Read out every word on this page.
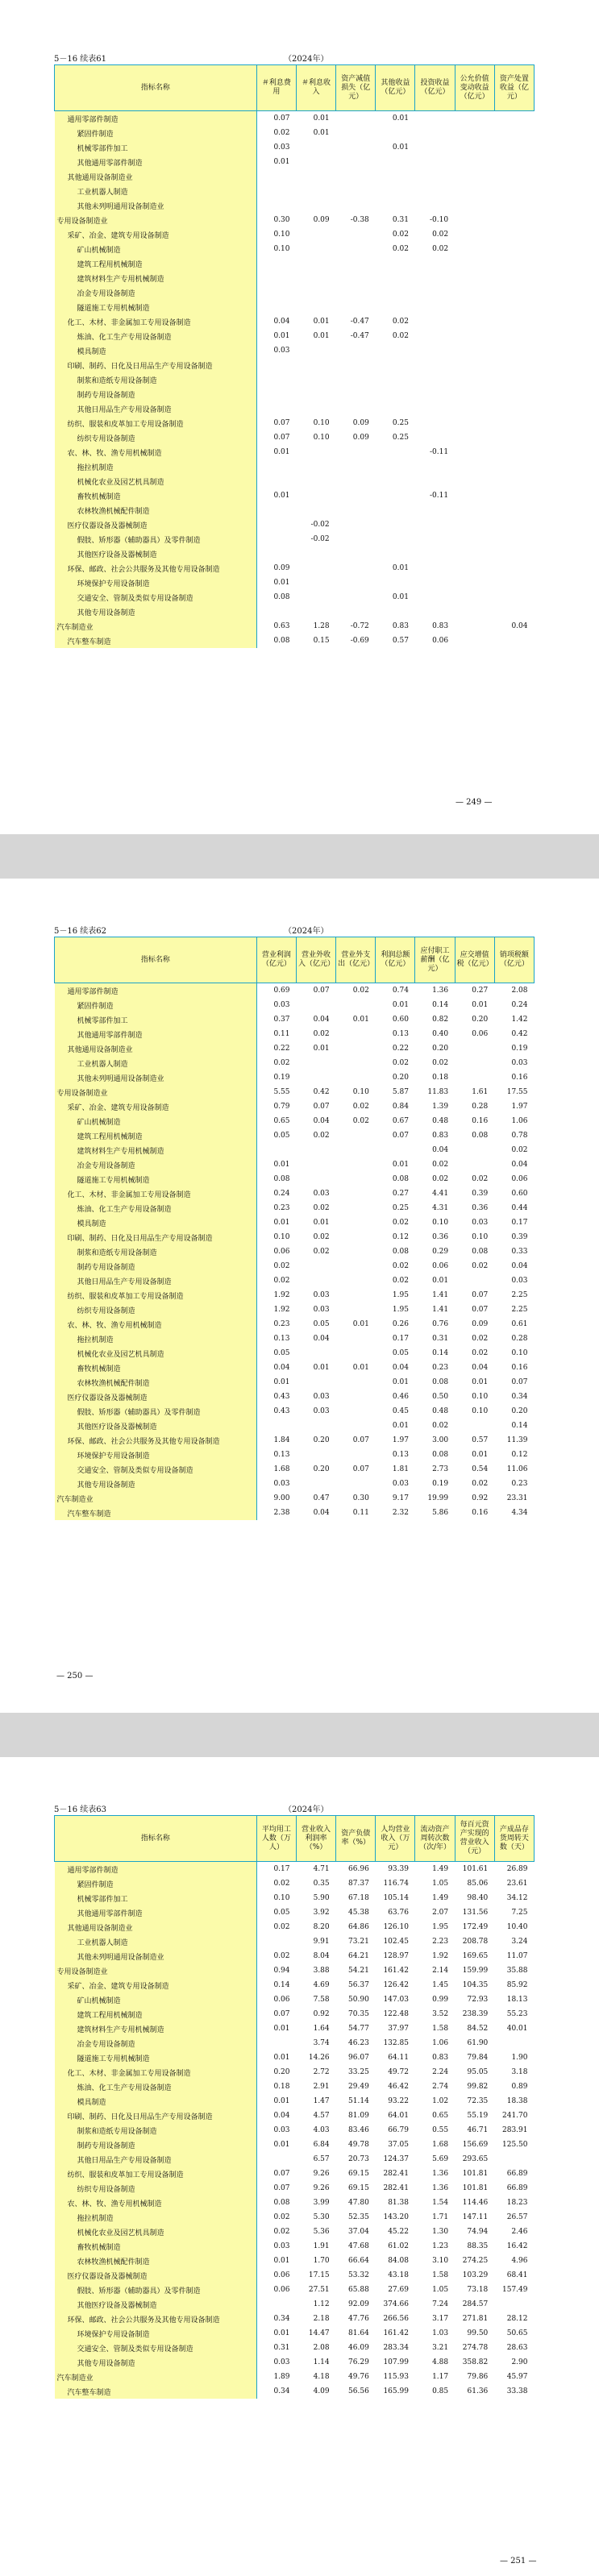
5－16 续表61	（2024年）
指标名称	＃利息费用	＃利息收入	资产减值损失（亿元）	其他收益（亿元）	投资收益（亿元）	公允价值变动收益（亿元）	资产处置收益（亿元）
通用零部件制造	0.07	0.01		0.01			
紧固件制造	0.02	0.01					
机械零部件加工	0.03			0.01			
其他通用零部件制造	0.01						
其他通用设备制造业							
工业机器人制造							
其他未列明通用设备制造业							
专用设备制造业	0.30	0.09	-0.38	0.31	-0.10		
采矿、冶金、建筑专用设备制造	0.10			0.02	0.02		
矿山机械制造	0.10			0.02	0.02		
建筑工程用机械制造							
建筑材料生产专用机械制造							
冶金专用设备制造							
隧道施工专用机械制造							
化工、木材、非金属加工专用设备制造	0.04	0.01	-0.47	0.02			
炼油、化工生产专用设备制造	0.01	0.01	-0.47	0.02			
模具制造	0.03						
印刷、制药、日化及日用品生产专用设备制造							
制浆和造纸专用设备制造							
制药专用设备制造							
其他日用品生产专用设备制造							
纺织、服装和皮革加工专用设备制造	0.07	0.10	0.09	0.25			
纺织专用设备制造	0.07	0.10	0.09	0.25			
农、林、牧、渔专用机械制造	0.01				-0.11		
拖拉机制造							
机械化农业及园艺机具制造							
畜牧机械制造	0.01				-0.11		
农林牧渔机械配件制造							
医疗仪器设备及器械制造		-0.02					
假肢、矫形器（辅助器具）及零件制造		-0.02					
其他医疗设备及器械制造							
环保、邮政、社会公共服务及其他专用设备制造	0.09			0.01			
环境保护专用设备制造	0.01						
交通安全、管制及类似专用设备制造	0.08			0.01			
其他专用设备制造							
汽车制造业	0.63	1.28	-0.72	0.83	0.83		0.04
汽车整车制造	0.08	0.15	-0.69	0.57	0.06		
— 249 —
5－16 续表62	（2024年）
指标名称	营业利润（亿元）	营业外收入（亿元）	营业外支出（亿元）	利润总额（亿元）	应付职工薪酬（亿元）	应交增值税（亿元）	销项税额（亿元）
通用零部件制造	0.69	0.07	0.02	0.74	1.36	0.27	2.08
紧固件制造	0.03			0.01	0.14	0.01	0.24
机械零部件加工	0.37	0.04	0.01	0.60	0.82	0.20	1.42
其他通用零部件制造	0.11	0.02		0.13	0.40	0.06	0.42
其他通用设备制造业	0.22	0.01		0.22	0.20		0.19
工业机器人制造	0.02			0.02	0.02		0.03
其他未列明通用设备制造业	0.19			0.20	0.18		0.16
专用设备制造业	5.55	0.42	0.10	5.87	11.83	1.61	17.55
采矿、冶金、建筑专用设备制造	0.79	0.07	0.02	0.84	1.39	0.28	1.97
矿山机械制造	0.65	0.04	0.02	0.67	0.48	0.16	1.06
建筑工程用机械制造	0.05	0.02		0.07	0.83	0.08	0.78
建筑材料生产专用机械制造					0.04		0.02
冶金专用设备制造	0.01			0.01	0.02		0.04
隧道施工专用机械制造	0.08			0.08	0.02	0.02	0.06
化工、木材、非金属加工专用设备制造	0.24	0.03		0.27	4.41	0.39	0.60
炼油、化工生产专用设备制造	0.23	0.02		0.25	4.31	0.36	0.44
模具制造	0.01	0.01		0.02	0.10	0.03	0.17
印刷、制药、日化及日用品生产专用设备制造	0.10	0.02		0.12	0.36	0.10	0.39
制浆和造纸专用设备制造	0.06	0.02		0.08	0.29	0.08	0.33
制药专用设备制造	0.02			0.02	0.06	0.02	0.04
其他日用品生产专用设备制造	0.02			0.02	0.01		0.03
纺织、服装和皮革加工专用设备制造	1.92	0.03		1.95	1.41	0.07	2.25
纺织专用设备制造	1.92	0.03		1.95	1.41	0.07	2.25
农、林、牧、渔专用机械制造	0.23	0.05	0.01	0.26	0.76	0.09	0.61
拖拉机制造	0.13	0.04		0.17	0.31	0.02	0.28
机械化农业及园艺机具制造	0.05			0.05	0.14	0.02	0.10
畜牧机械制造	0.04	0.01	0.01	0.04	0.23	0.04	0.16
农林牧渔机械配件制造	0.01			0.01	0.08	0.01	0.07
医疗仪器设备及器械制造	0.43	0.03		0.46	0.50	0.10	0.34
假肢、矫形器（辅助器具）及零件制造	0.43	0.03		0.45	0.48	0.10	0.20
其他医疗设备及器械制造				0.01	0.02		0.14
环保、邮政、社会公共服务及其他专用设备制造	1.84	0.20	0.07	1.97	3.00	0.57	11.39
环境保护专用设备制造	0.13			0.13	0.08	0.01	0.12
交通安全、管制及类似专用设备制造	1.68	0.20	0.07	1.81	2.73	0.54	11.06
其他专用设备制造	0.03			0.03	0.19	0.02	0.23
汽车制造业	9.00	0.47	0.30	9.17	19.99	0.92	23.31
汽车整车制造	2.38	0.04	0.11	2.32	5.86	0.16	4.34
— 250 —
5－16 续表63	（2024年）
指标名称	平均用工人数（万人）	营业收入利润率（%）	资产负债率（%）	人均营业收入（万元）	流动资产周转次数（次/年）	每百元资产实现的营业收入（元）	产成品存货周转天数（天）
通用零部件制造	0.17	4.71	66.96	93.39	1.49	101.61	26.89
紧固件制造	0.02	0.35	87.37	116.74	1.05	85.06	23.61
机械零部件加工	0.10	5.90	67.18	105.14	1.49	98.40	34.12
其他通用零部件制造	0.05	3.92	45.38	63.76	2.07	131.56	7.25
其他通用设备制造业	0.02	8.20	64.86	126.10	1.95	172.49	10.40
工业机器人制造		9.91	73.21	102.45	2.23	208.78	3.24
其他未列明通用设备制造业	0.02	8.04	64.21	128.97	1.92	169.65	11.07
专用设备制造业	0.94	3.88	54.21	161.42	2.14	159.99	35.88
采矿、冶金、建筑专用设备制造	0.14	4.69	56.37	126.42	1.45	104.35	85.92
矿山机械制造	0.06	7.58	50.90	147.03	0.99	72.93	18.13
建筑工程用机械制造	0.07	0.92	70.35	122.48	3.52	238.39	55.23
建筑材料生产专用机械制造	0.01	1.64	54.77	37.97	1.58	84.52	40.01
冶金专用设备制造		3.74	46.23	132.85	1.06	61.90	
隧道施工专用机械制造	0.01	14.26	96.07	64.11	0.83	79.84	1.90
化工、木材、非金属加工专用设备制造	0.20	2.72	33.25	49.72	2.24	95.05	3.18
炼油、化工生产专用设备制造	0.18	2.91	29.49	46.42	2.74	99.82	0.89
模具制造	0.01	1.47	51.14	93.22	1.02	72.35	18.38
印刷、制药、日化及日用品生产专用设备制造	0.04	4.57	81.09	64.01	0.65	55.19	241.70
制浆和造纸专用设备制造	0.03	4.03	83.46	66.79	0.55	46.71	283.91
制药专用设备制造	0.01	6.84	49.78	37.05	1.68	156.69	125.50
其他日用品生产专用设备制造		6.57	20.73	124.37	5.69	293.65	
纺织、服装和皮革加工专用设备制造	0.07	9.26	69.15	282.41	1.36	101.81	66.89
纺织专用设备制造	0.07	9.26	69.15	282.41	1.36	101.81	66.89
农、林、牧、渔专用机械制造	0.08	3.99	47.80	81.38	1.54	114.46	18.23
拖拉机制造	0.02	5.30	52.35	143.20	1.71	147.11	26.57
机械化农业及园艺机具制造	0.02	5.36	37.04	45.22	1.30	74.94	2.46
畜牧机械制造	0.03	1.91	47.68	61.02	1.23	88.35	16.42
农林牧渔机械配件制造	0.01	1.70	66.64	84.08	3.10	274.25	4.96
医疗仪器设备及器械制造	0.06	17.15	53.32	43.18	1.58	103.29	68.41
假肢、矫形器（辅助器具）及零件制造	0.06	27.51	65.88	27.69	1.05	73.18	157.49
其他医疗设备及器械制造		1.12	92.09	374.66	7.24	284.57	
环保、邮政、社会公共服务及其他专用设备制造	0.34	2.18	47.76	266.56	3.17	271.81	28.12
环境保护专用设备制造	0.01	14.47	81.64	161.42	1.03	99.50	50.65
交通安全、管制及类似专用设备制造	0.31	2.08	46.09	283.34	3.21	274.78	28.63
其他专用设备制造	0.03	1.14	76.29	107.99	4.88	358.82	2.90
汽车制造业	1.89	4.18	49.76	115.93	1.17	79.86	45.97
汽车整车制造	0.34	4.09	56.56	165.99	0.85	61.36	33.38
— 251 —
